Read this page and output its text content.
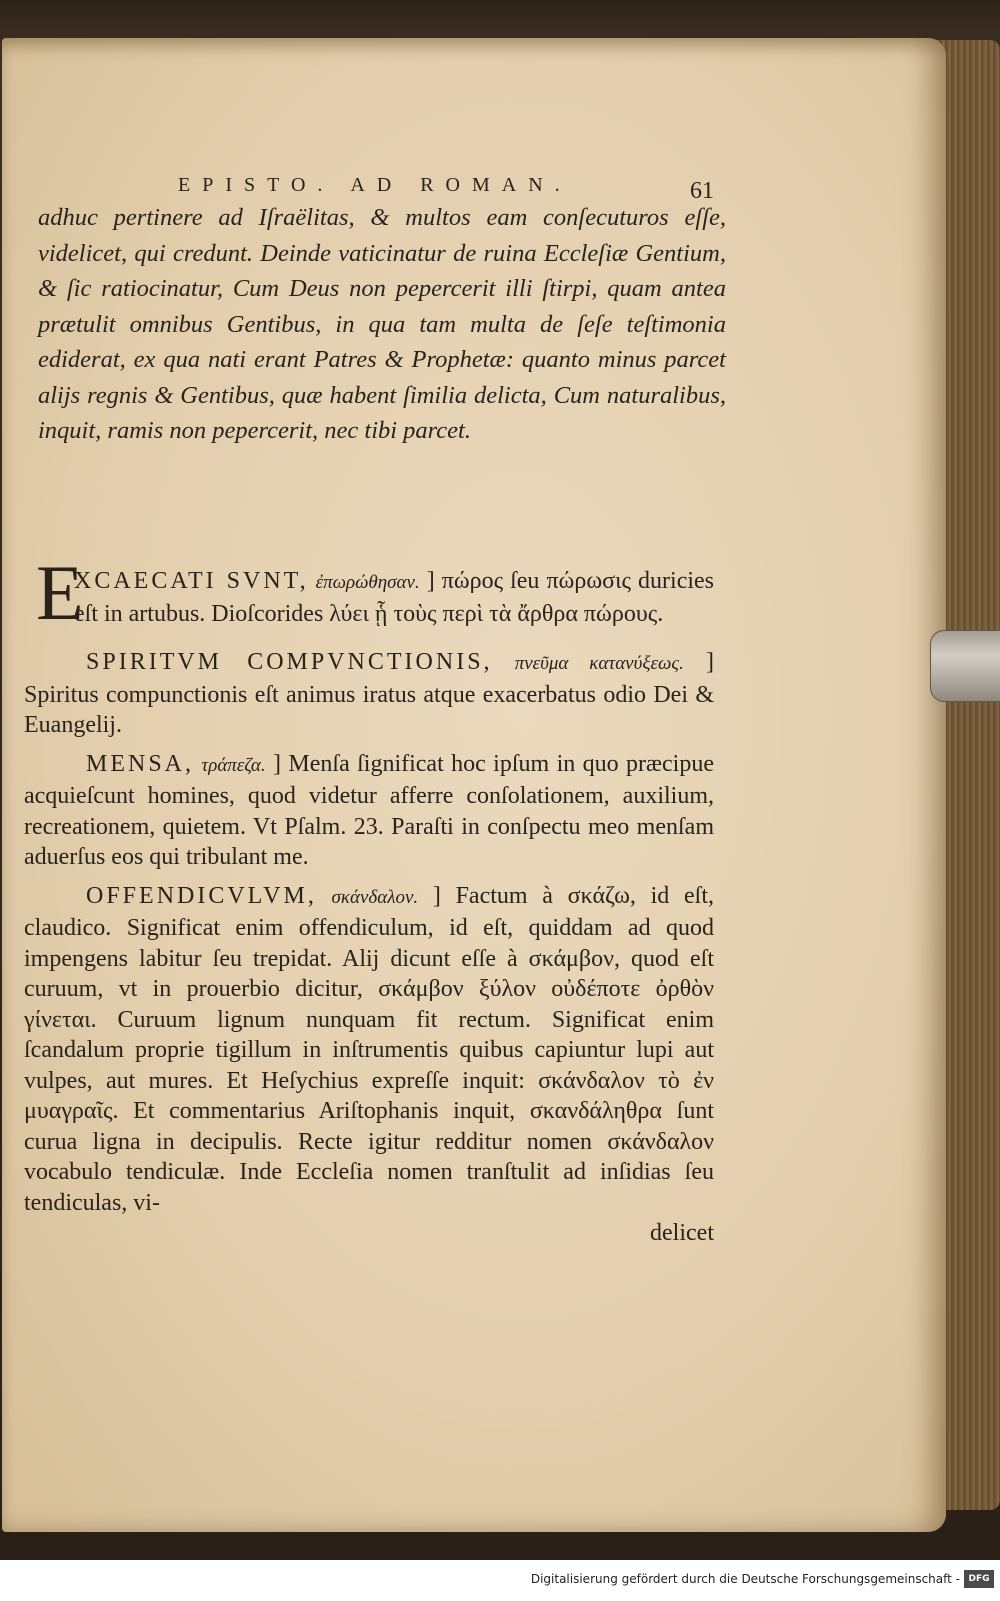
EPISTO. AD ROMAN.	61
adhuc pertinere ad Iſraëlitas, & multos eam conſecuturos eſſe, videlicet, qui credunt. Deinde vaticinatur de ruina Eccleſiæ Gentium, & ſic ratiocinatur, Cum Deus non pepercerit illi ſtirpi, quam antea prætulit omnibus Gentibus, in qua tam multa de ſeſe teſtimonia ediderat, ex qua nati erant Patres & Prophetæ: quanto minus parcet alijs regnis & Gentibus, quæ habent ſimilia delicta, Cum naturalibus, inquit, ramis non pepercerit, nec tibi parcet.

E
XCAECATI SVNT, ἐπωρώθησαν. ] πώρος ſeu πώρωσις duricies eſt in artubus. Dioſcorides λύει ᾗ τοὺς περὶ τὰ ἄρθρα πώρους.

SPIRITVM COMPVNCTIONIS, πνεῦμα κατανύξεως. ] Spiritus compunctionis eſt animus iratus atque exacerbatus odio Dei & Euangelij.

MENSA, τράπεζα. ] Menſa ſignificat hoc ipſum in quo præcipue acquieſcunt homines, quod videtur afferre conſolationem, auxilium, recreationem, quietem. Vt Pſalm. 23. Paraſti in conſpectu meo menſam aduerſus eos qui tribulant me.

OFFENDICVLVM, σκάνδαλον. ] Factum à σκάζω, id eſt, claudico. Significat enim offendiculum, id eſt, quiddam ad quod impengens labitur ſeu trepidat. Alij dicunt eſſe à σκάμβον, quod eſt curuum, vt in prouerbio dicitur, σκάμβον ξύλον οὐδέποτε ὀρθὸν γίνεται. Curuum lignum nunquam fit rectum. Significat enim ſcandalum proprie tigillum in inſtrumentis quibus capiuntur lupi aut vulpes, aut mures. Et Heſychius expreſſe inquit: σκάνδαλον τὸ ἐν μυαγραῖς. Et commentarius Ariſtophanis inquit, σκανδάληθρα ſunt curua ligna in decipulis. Recte igitur redditur nomen σκάνδαλον vocabulo tendiculæ. Inde Eccleſia nomen tranſtulit ad inſidias ſeu tendiculas, vi-
delicet

Digitalisierung gefördert durch die Deutsche Forschungsgemeinschaft - DFG
